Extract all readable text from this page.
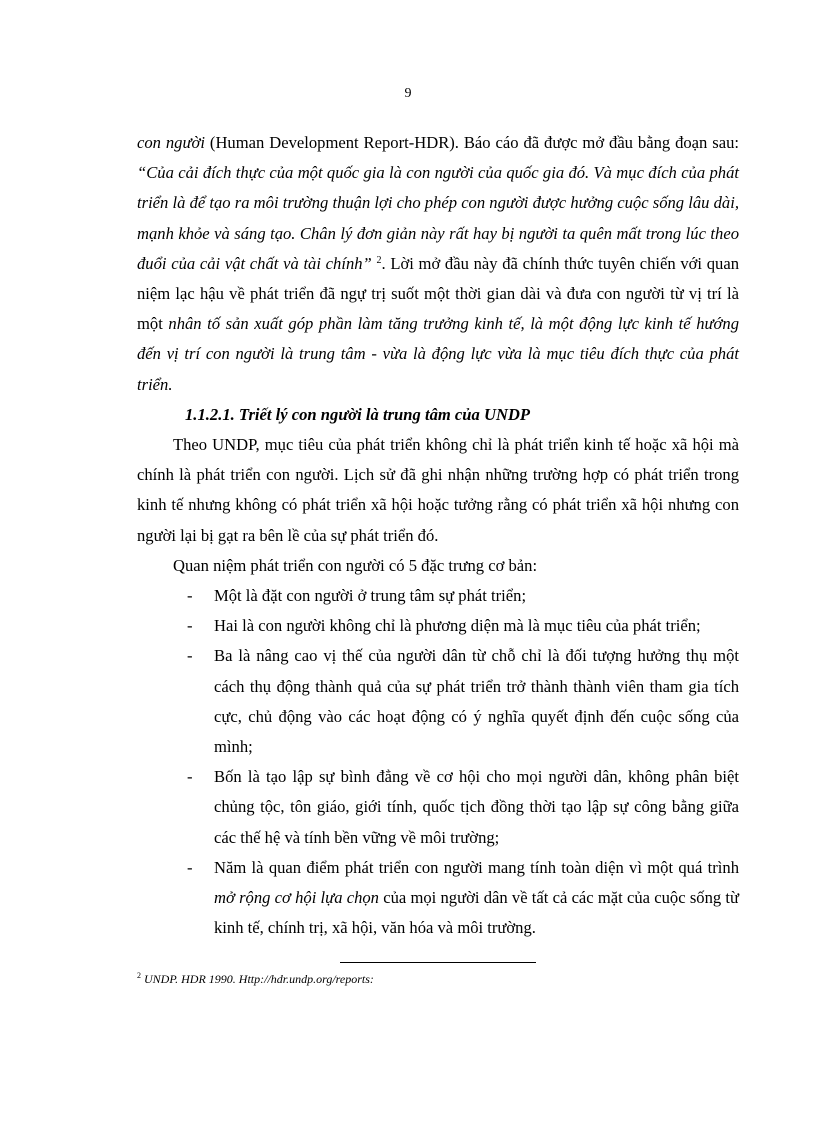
9

con người (Human Development Report-HDR). Báo cáo đã được mở đầu bằng đoạn sau: “Của cải đích thực của một quốc gia là con người của quốc gia đó. Và mục đích của phát triển là để tạo ra môi trường thuận lợi cho phép con người được hưởng cuộc sống lâu dài, mạnh khỏe và sáng tạo. Chân lý đơn giản này rất hay bị người ta quên mất trong lúc theo đuổi của cải vật chất và tài chính” $^2$. Lời mở đầu này đã chính thức tuyên chiến với quan niệm lạc hậu về phát triển đã ngự trị suốt một thời gian dài và đưa con người từ vị trí là một nhân tố sản xuất góp phần làm tăng trưởng kinh tế, là một động lực kinh tế hướng đến vị trí con người là trung tâm - vừa là động lực vừa là mục tiêu đích thực của phát triển.

1.1.2.1. Triết lý con người là trung tâm của UNDP

Theo UNDP, mục tiêu của phát triển không chỉ là phát triển kinh tế hoặc xã hội mà chính là phát triển con người. Lịch sử đã ghi nhận những trường hợp có phát triển trong kinh tế nhưng không có phát triển xã hội hoặc tưởng rằng có phát triển xã hội nhưng con người lại bị gạt ra bên lề của sự phát triển đó.

Quan niệm phát triển con người có 5 đặc trưng cơ bản:

- Một là đặt con người ở trung tâm sự phát triển;
- Hai là con người không chỉ là phương diện mà là mục tiêu của phát triển;
- Ba là nâng cao vị thế của người dân từ chỗ chỉ là đối tượng hưởng thụ một cách thụ động thành quả của sự phát triển trở thành thành viên tham gia tích cực, chủ động vào các hoạt động có ý nghĩa quyết định đến cuộc sống của mình;
- Bốn là tạo lập sự bình đẳng về cơ hội cho mọi người dân, không phân biệt chủng tộc, tôn giáo, giới tính, quốc tịch đồng thời tạo lập sự công bằng giữa các thế hệ và tính bền vững về môi trường;
- Năm là quan điểm phát triển con người mang tính toàn diện vì một quá trình mở rộng cơ hội lựa chọn của mọi người dân về tất cả các mặt của cuộc sống từ kinh tế, chính trị, xã hội, văn hóa và môi trường.
$^2$ UNDP. HDR 1990. Http://hdr.undp.org/reports:
